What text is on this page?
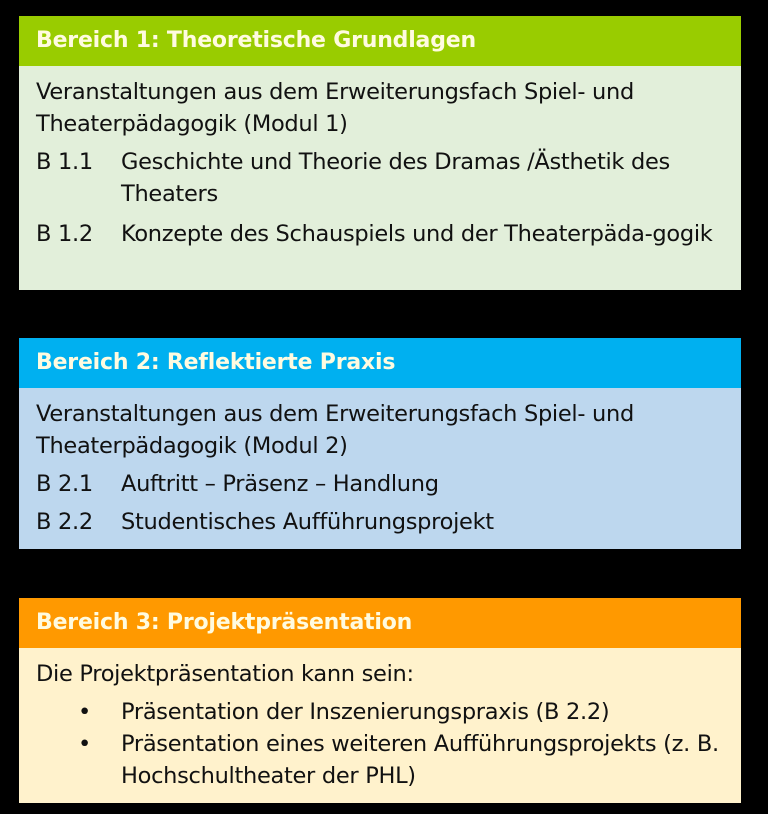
Bereich 1: Theoretische Grundlagen
Veranstaltungen aus dem Erweiterungsfach Spiel- und Theaterpädagogik (Modul 1)
B 1.1	Geschichte und Theorie des Dramas /Ästhetik des Theaters
B 1.2	Konzepte des Schauspiels und der Theaterpäda-gogik
Bereich 2: Reflektierte Praxis
Veranstaltungen aus dem Erweiterungsfach Spiel- und Theaterpädagogik (Modul 2)
B 2.1	Auftritt – Präsenz – Handlung
B 2.2	Studentisches Aufführungsprojekt
Bereich 3: Projektpräsentation
Die Projektpräsentation kann sein:
•	Präsentation der Inszenierungspraxis (B 2.2)
•	Präsentation eines weiteren Aufführungsprojekts (z. B. Hochschultheater der PHL)
